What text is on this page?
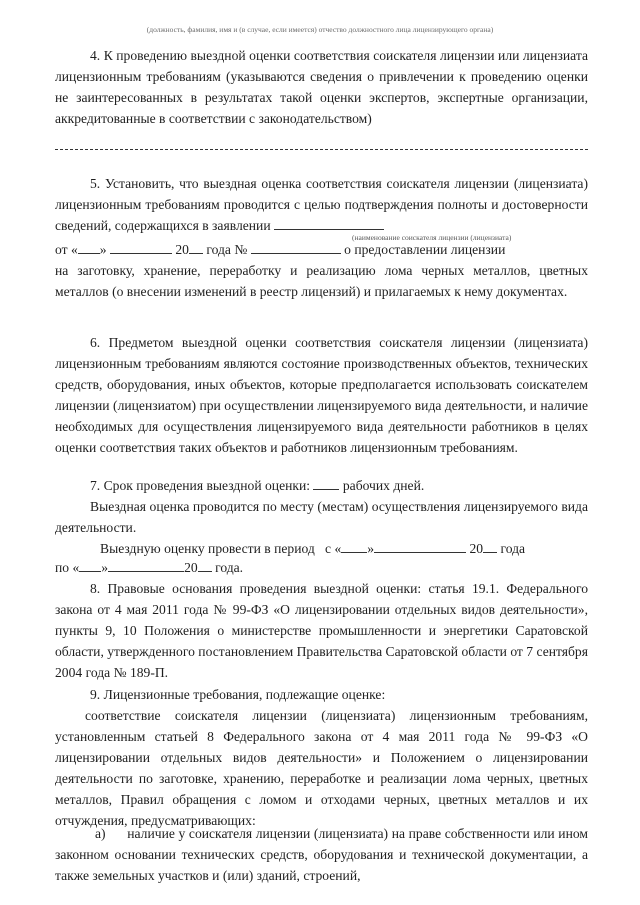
(должность, фамилия, имя и (в случае, если имеется) отчество должностного лица лицензирующего органа)
4. К проведению выездной оценки соответствия соискателя лицензии или лицензиата лицензионным требованиям (указываются сведения о привлечении к проведению оценки не заинтересованных в результатах такой оценки экспертов, экспертные организации, аккредитованные в соответствии с законодательством)
5. Установить, что выездная оценка соответствия соискателя лицензии (лицензиата) лицензионным требованиям проводится с целью подтверждения полноты и достоверности сведений, содержащихся в заявлении
(наименование соискателя лицензии (лицензиата)
от « »	20 года №	о предоставлении лицензии
на заготовку, хранение, переработку и реализацию лома черных металлов, цветных металлов (о внесении изменений в реестр лицензий) и прилагаемых к нему документах.
6. Предметом выездной оценки соответствия соискателя лицензии (лицензиата) лицензионным требованиям являются состояние производственных объектов, технических средств, оборудования, иных объектов, которые предполагается использовать соискателем лицензии (лицензиатом) при осуществлении лицензируемого вида деятельности, и наличие необходимых для осуществления лицензируемого вида деятельности работников в целях оценки соответствия таких объектов и работников лицензионным требованиям.
7. Срок проведения выездной оценки: рабочих дней.
Выездная оценка проводится по месту (местам) осуществления лицензируемого вида деятельности.
Выездную оценку провести в период с « »	20 года
по « »	20 года.
8. Правовые основания проведения выездной оценки: статья 19.1. Федерального закона от 4 мая 2011 года № 99-ФЗ «О лицензировании отдельных видов деятельности», пункты 9, 10 Положения о министерстве промышленности и энергетики Саратовской области, утвержденного постановлением Правительства Саратовской области от 7 сентября 2004 года № 189-П.
9. Лицензионные требования, подлежащие оценке:
соответствие соискателя лицензии (лицензиата) лицензионным требованиям, установленным статьей 8 Федерального закона от 4 мая 2011 года № 99-ФЗ «О лицензировании отдельных видов деятельности» и Положением о лицензировании деятельности по заготовке, хранению, переработке и реализации лома черных, цветных металлов, Правил обращения с ломом и отходами черных, цветных металлов и их отчуждения, предусматривающих:
а) наличие у соискателя лицензии (лицензиата) на праве собственности или ином законном основании технических средств, оборудования и технической документации, а также земельных участков и (или) зданий, строений,
